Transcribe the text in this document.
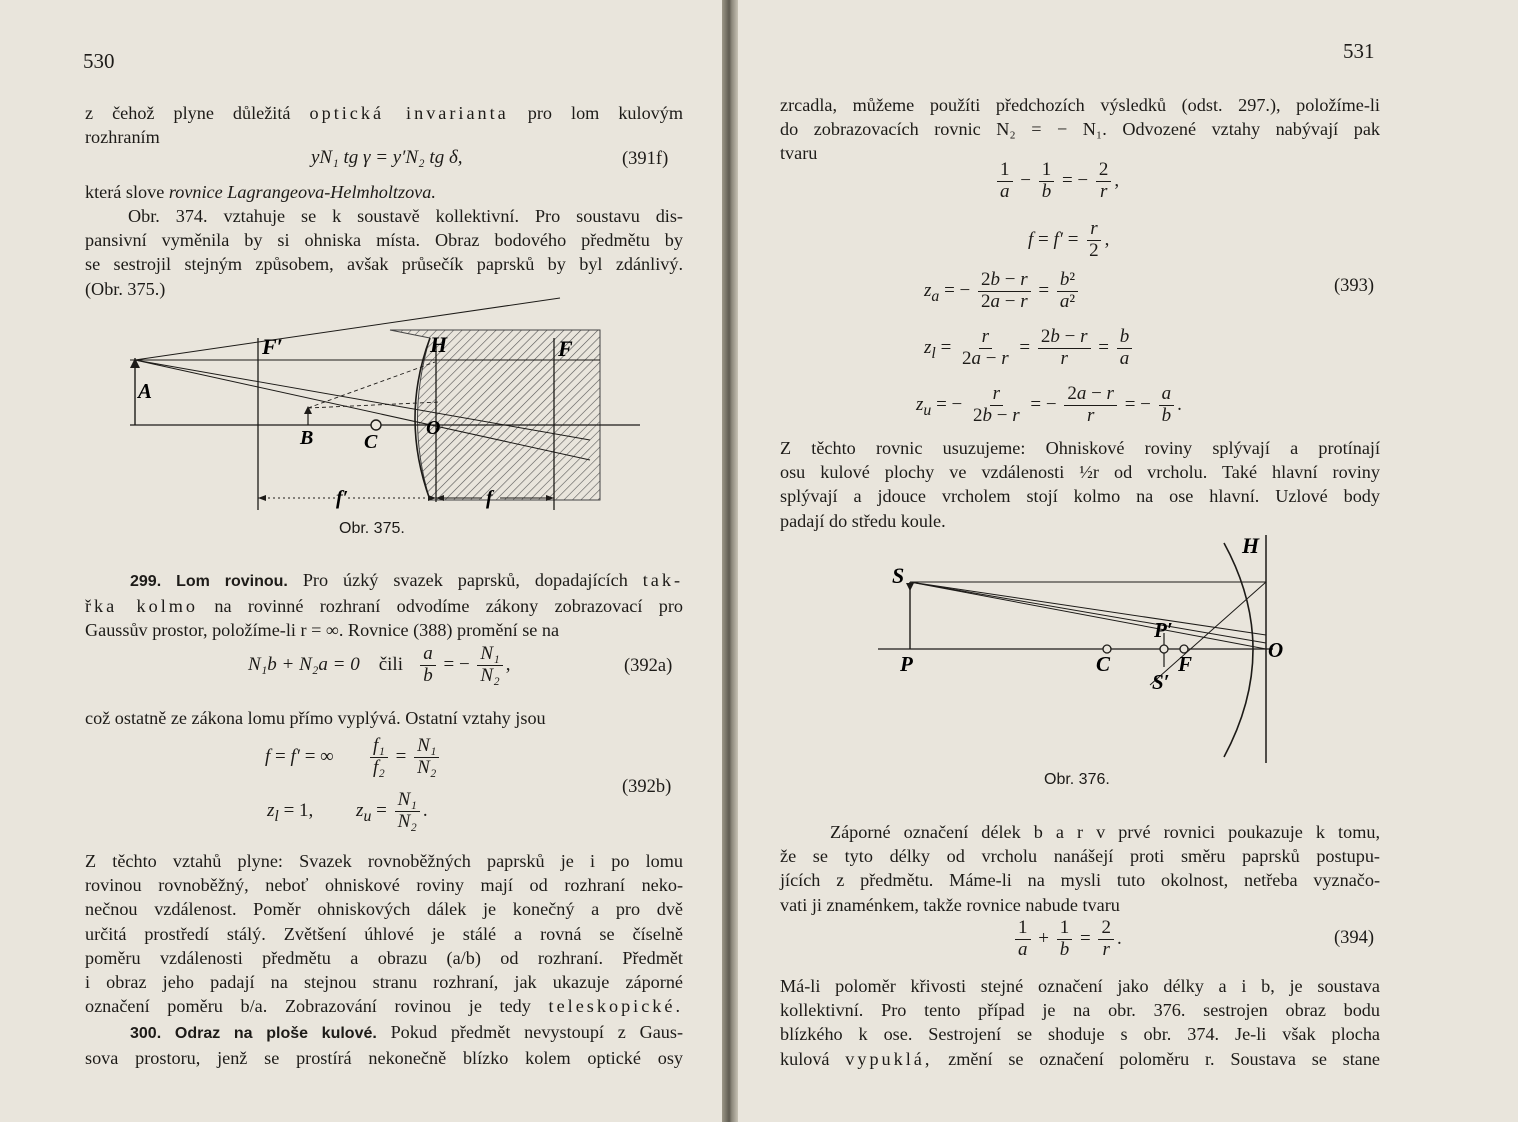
530
z čehož plyne důležitá optická invarianta pro lom kulovým
rozhraním
yN₁ tg γ = y′N₂ tg δ,	(391f)
která slove rovnice Lagrangeova-Helmholtzova.
Obr. 374. vztahuje se k soustavě kollektivní. Pro soustavu dis-
pansivní vyměnila by si ohniska místa. Obraz bodového předmětu by
se sestrojil stejným způsobem, avšak průsečík paprsků by byl zdánlivý.
(Obr. 375.)
F′	H	F
A
B	C
O
f′	f
Obr. 375.
299. Lom rovinou. Pro úzký svazek paprsků, dopadajících tak-
řka kolmo na rovinné rozhraní odvodíme zákony zobrazovací pro
Gaussův prostor, položíme-li r = ∞. Rovnice (388) promění se na
N₁b + N₂a = 0 čili $\frac{a}{b}$ = − $\frac{\text{N₁}}{\text{N₂}}$ ,	(392a)
což ostatně ze zákona lomu přímo vyplývá. Ostatní vztahy jsou
f = f′ = ∞ $\frac{\text{f₁}}{\text{f₂}} = \frac{\text{N₁}}{\text{N₂}}$
$z_l = 1$,         $z_u = \frac{\text{N₁}}{\text{N₂}}$ .
(392b)
Z těchto vztahů plyne: Svazek rovnoběžných paprsků je i po lomu
rovinou rovnoběžný, neboť ohniskové roviny mají od rozhraní neko-
nečnou vzdálenost. Poměr ohniskových dálek je konečný a pro dvě
určitá prostředí stálý. Zvětšení úhlové je stálé a rovná se číselně
poměru vzdálenosti předmětu a obrazu (a/b) od rozhraní. Předmět
i obraz jeho padají na stejnou stranu rozhraní, jak ukazuje záporné
označení poměru b/a. Zobrazování rovinou je tedy teleskopické.
300. Odraz na ploše kulové. Pokud předmět nevystoupí z Gaus-
sova prostoru, jenž se prostírá nekonečně blízko kolem optické osy
531
zrcadla, můžeme použíti předchozích výsledků (odst. 297.), položíme-li
do zobrazovacích rovnic N₂ = − N₁. Odvozené vztahy nabývají pak
tvaru
$\frac{1}{a} - \frac{1}{b}$ = − $\frac{2}{r}$ ,
$f = f' = \frac{r}{2}$ ,
$z_a$ = − $\frac{2b - r}{2a - r} = \frac{\text{b²}}{\text{a²}}$	(393)
$z_l = \frac{r}{2a - r} = \frac{2b - r}{r} = \frac{b}{a}$
$z_u$ = − $\frac{r}{2b - r}$ = − $\frac{2a - r}{r}$ = − $\frac{a}{b}$ .
Z těchto rovnic usuzujeme: Ohniskové roviny splývají a protínají
osu kulové plochy ve vzdálenosti ½r od vrcholu. Také hlavní roviny
splývají a jdouce vrcholem stojí kolmo na ose hlavní. Uzlové body
padají do středu koule.
H
S
P	C
P′
F
O
S′
Obr. 376.
Záporné označení délek b a r v prvé rovnici poukazuje k tomu,
že se tyto délky od vrcholu nanášejí proti směru paprsků postupu-
jících z předmětu. Máme-li na mysli tuto okolnost, netřeba vyznačo-
vati ji znaménkem, takže rovnice nabude tvaru
$\frac{1}{a} + \frac{1}{b} = \frac{2}{r}$ .	(394)
Má-li poloměr křivosti stejné označení jako délky a i b, je soustava
kollektivní. Pro tento případ je na obr. 376. sestrojen obraz bodu
blízkého k ose. Sestrojení se shoduje s obr. 374. Je-li však plocha
kulová vypuklá, změní se označení poloměru r. Soustava se stane
